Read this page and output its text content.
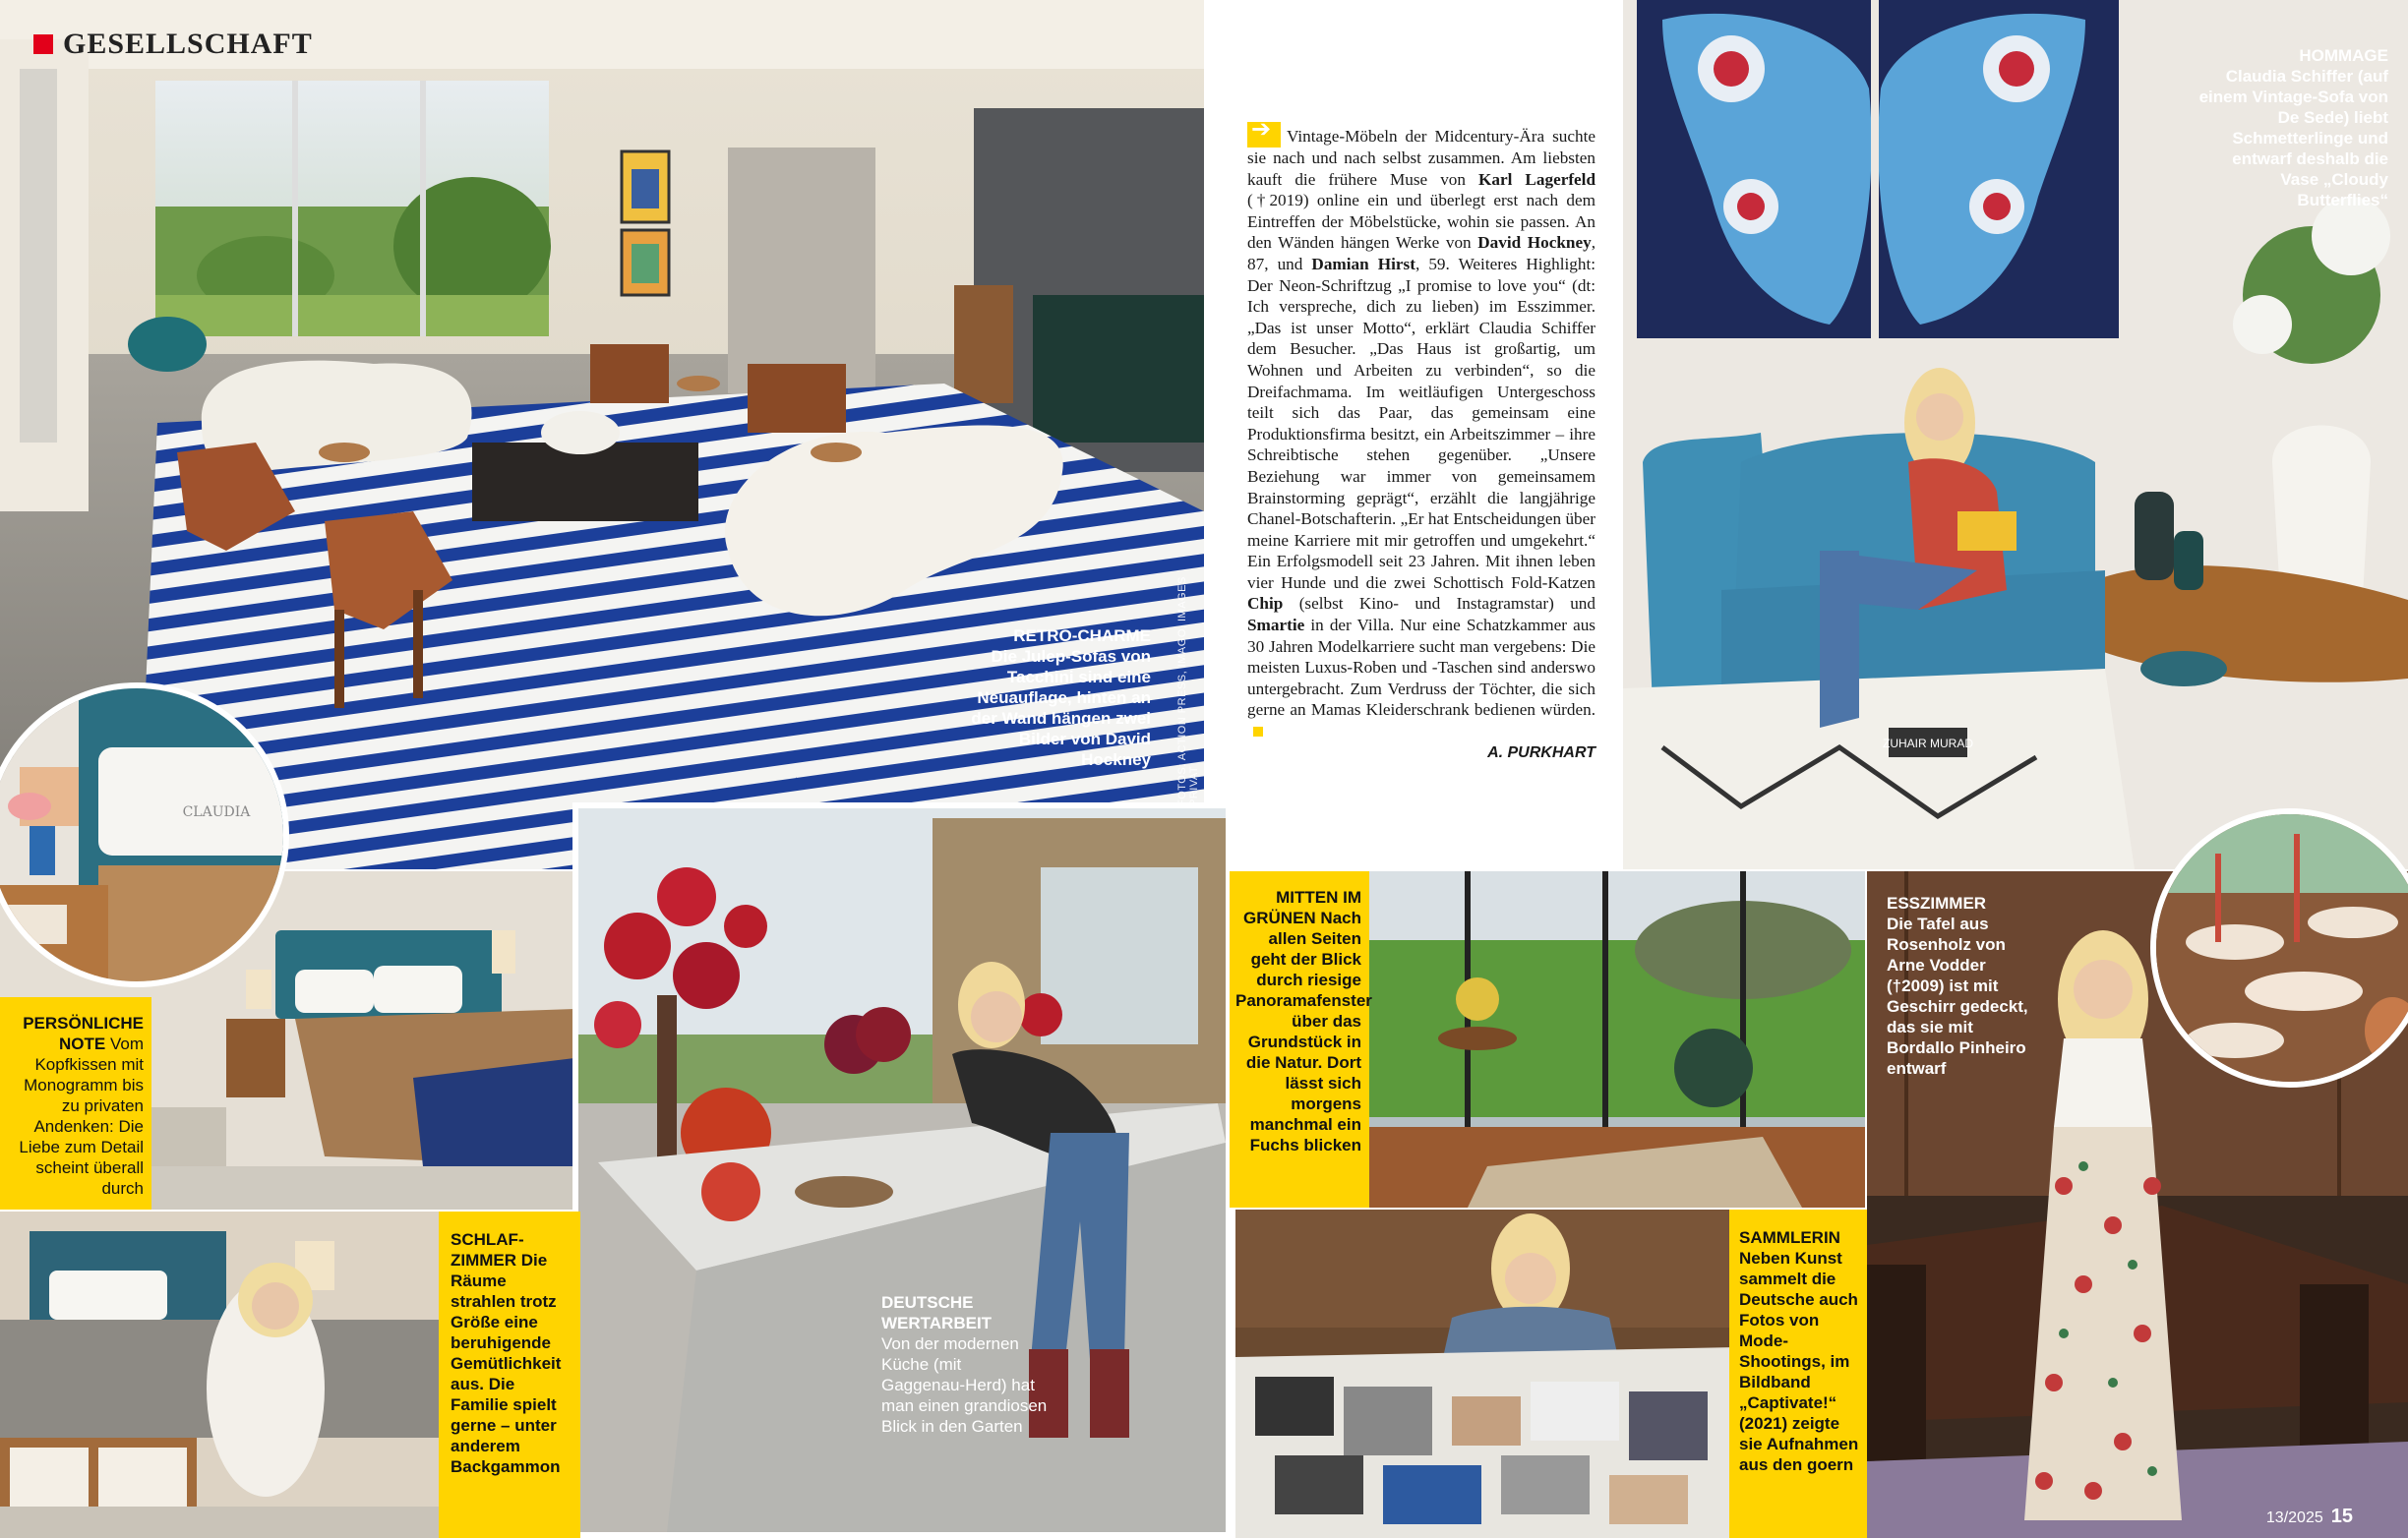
GESELLSCHAFT
RETRO-CHARME
Die Julep-Sofas von Tacchini sind eine Neuauflage, hinten an der Wand hängen zwei Bilder von David Hockney FOTOS: ACTION PRESS, IMAGO, IMAGES PRIVAT
CLAUDIA
PERSÖNLICHE NOTE Vom Kopfkissen mit Monogramm bis zu privaten Andenken: Die Liebe zum Detail scheint überall durch
SCHLAF-ZIMMER Die Räume strahlen trotz Größe eine beruhigende Gemütlichkeit aus. Die Familie spielt gerne – unter anderem Backgammon
DEUTSCHE WERTARBEIT
Von der modernen Küche (mit Gaggenau-Herd) hat man einen grandiosen Blick in den Garten
➔Vintage-Möbeln der Midcentury-Ära suchte sie nach und nach selbst zusammen. Am liebsten kauft die frühere Muse von Karl Lagerfeld (†2019) online ein und überlegt erst nach dem Eintreffen der Möbelstücke, wohin sie passen. An den Wänden hängen Werke von David Hockney, 87, und Damian Hirst, 59. Weiteres Highlight: Der Neon-Schriftzug „I promise to love you“ (dt: Ich verspreche, dich zu lieben) im Esszimmer. „Das ist unser Motto“, erklärt Claudia Schiffer dem Besucher. „Das Haus ist großartig, um Wohnen und Arbeiten zu verbinden“, so die Dreifachmama. Im weitläufigen Untergeschoss teilt sich das Paar, das gemeinsam eine Produktionsfirma besitzt, ein Arbeitszimmer – ihre Schreibtische stehen gegenüber. „Unsere Beziehung war immer von gemeinsamem Brainstorming geprägt“, erzählt die langjährige Chanel-Botschafterin. „Er hat Entscheidungen über meine Karriere mit mir getroffen und umgekehrt.“ Ein Erfolgsmodell seit 23 Jahren. Mit ihnen leben vier Hunde und die zwei Schottisch Fold-Katzen Chip (selbst Kino- und Instagramstar) und Smartie in der Villa. Nur eine Schatzkammer aus 30 Jahren Modelkarriere sucht man vergebens: Die meisten Luxus-Roben und -Taschen sind anderswo untergebracht. Zum Verdruss der Töchter, die sich gerne an Mamas Kleiderschrank bedienen würden.
A. PURKHART
ZUHAIR MURAD
HOMMAGE
Claudia Schiffer (auf einem Vintage-Sofa von De Sede) liebt Schmetterlinge und entwarf deshalb die Vase „Cloudy Butterflies“
MITTEN IM GRÜNEN Nach allen Seiten geht der Blick durch riesige Panoramafenster über das Grundstück in die Natur. Dort lässt sich morgens manchmal ein Fuchs blicken
SAMMLERIN Neben Kunst sammelt die Deutsche auch Fotos von Mode-Shootings, im Bildband „Captivate!“ (2021) zeigte sie Aufnahmen aus den goern
ESSZIMMER
Die Tafel aus Rosenholz von Arne Vodder (†2009) ist mit Geschirr gedeckt, das sie mit Bordallo Pinheiro entwarf
13/2025 15
